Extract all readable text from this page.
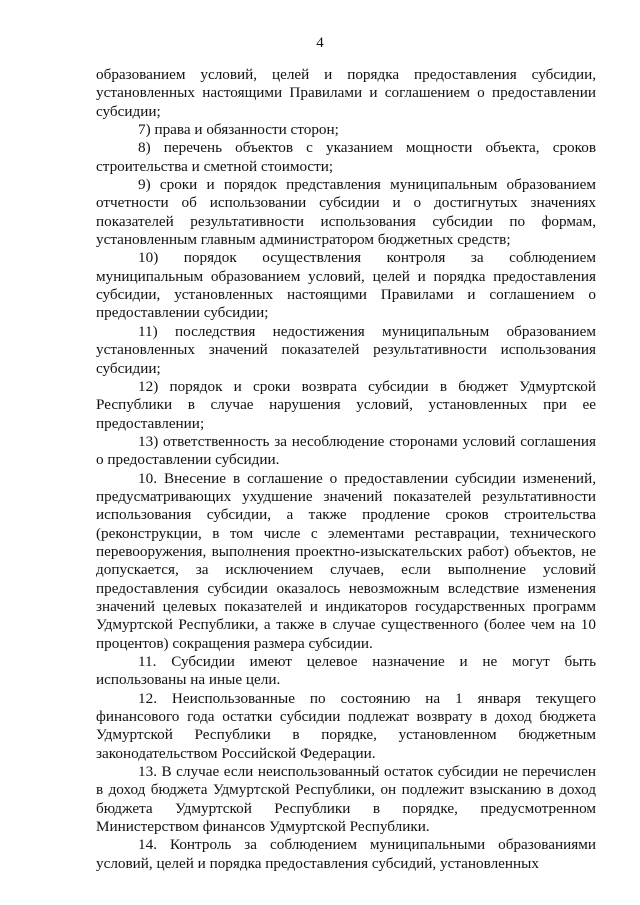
4

образованием условий, целей и порядка предоставления субсидии, установленных настоящими Правилами и соглашением о предоставлении субсидии;

7) права и обязанности сторон;

8) перечень объектов с указанием мощности объекта, сроков строительства и сметной стоимости;

9) сроки и порядок представления муниципальным образованием отчетности об использовании субсидии и о достигнутых значениях показателей результативности использования субсидии по формам, установленным главным администратором бюджетных средств;

10) порядок осуществления контроля за соблюдением муниципальным образованием условий, целей и порядка предоставления субсидии, установленных настоящими Правилами и соглашением о предоставлении субсидии;

11) последствия недостижения муниципальным образованием установленных значений показателей результативности использования субсидии;

12) порядок и сроки возврата субсидии в бюджет Удмуртской Республики в случае нарушения условий, установленных при ее предоставлении;

13) ответственность за несоблюдение сторонами условий соглашения о предоставлении субсидии.

10. Внесение в соглашение о предоставлении субсидии изменений, предусматривающих ухудшение значений показателей результативности использования субсидии, а также продление сроков строительства (реконструкции, в том числе с элементами реставрации, технического перевооружения, выполнения проектно-изыскательских работ) объектов, не допускается, за исключением случаев, если выполнение условий предоставления субсидии оказалось невозможным вследствие изменения значений целевых показателей и индикаторов государственных программ Удмуртской Республики, а также в случае существенного (более чем на 10 процентов) сокращения размера субсидии.

11. Субсидии имеют целевое назначение и не могут быть использованы на иные цели.

12. Неиспользованные по состоянию на 1 января текущего финансового года остатки субсидии подлежат возврату в доход бюджета Удмуртской Республики в порядке, установленном бюджетным законодательством Российской Федерации.

13. В случае если неиспользованный остаток субсидии не перечислен в доход бюджета Удмуртской Республики, он подлежит взысканию в доход бюджета Удмуртской Республики в порядке, предусмотренном Министерством финансов Удмуртской Республики.

14. Контроль за соблюдением муниципальными образованиями условий, целей и порядка предоставления субсидий, установленных
